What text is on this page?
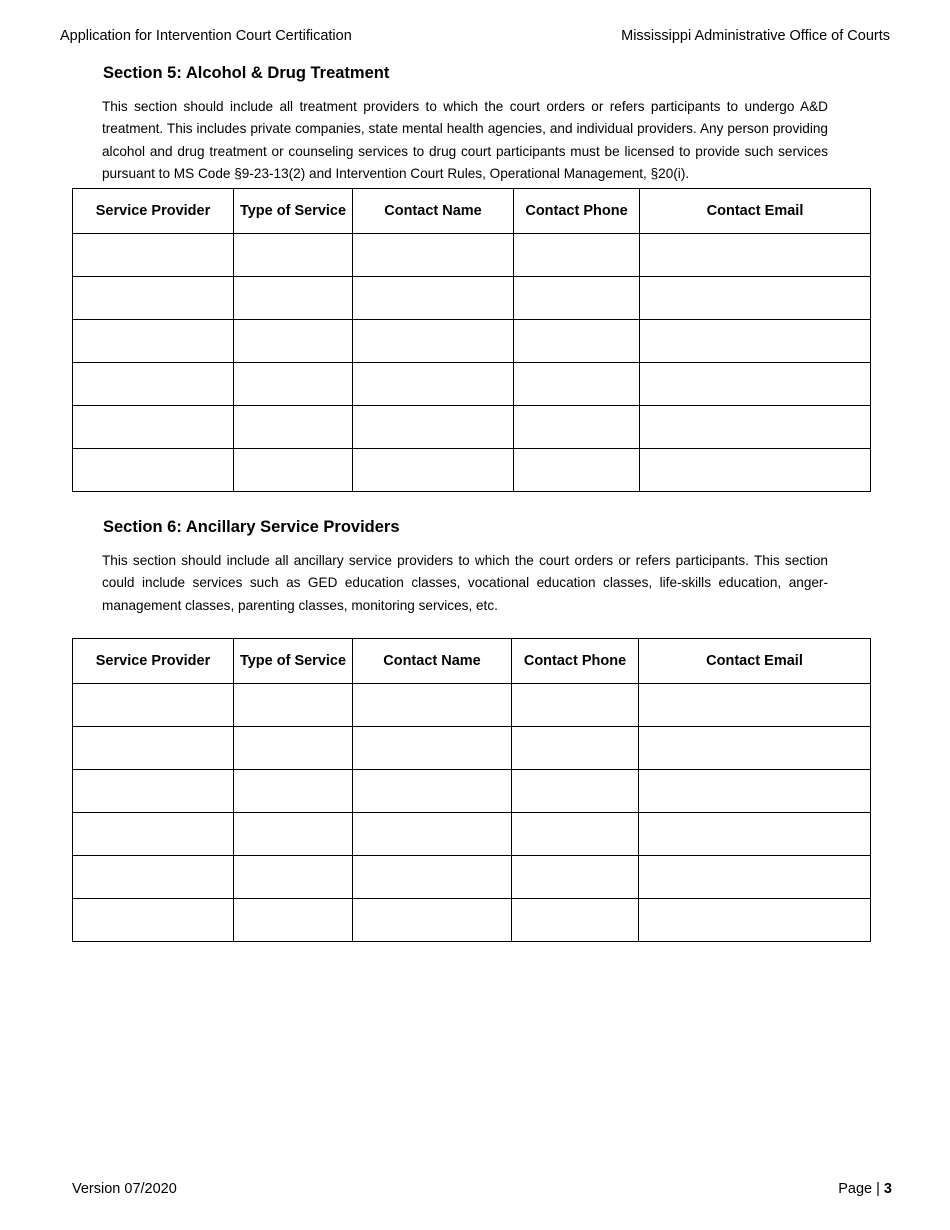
Application for Intervention Court Certification	Mississippi Administrative Office of Courts
Section 5: Alcohol & Drug Treatment

This section should include all treatment providers to which the court orders or refers participants to undergo A&D treatment. This includes private companies, state mental health agencies, and individual providers. Any person providing alcohol and drug treatment or counseling services to drug court participants must be licensed to provide such services pursuant to MS Code §9-23-13(2) and Intervention Court Rules, Operational Management, §20(i).

Service Provider	Type of Service	Contact Name	Contact Phone	Contact Email

Section 6: Ancillary Service Providers

This section should include all ancillary service providers to which the court orders or refers participants. This section could include services such as GED education classes, vocational education classes, life-skills education, anger-management classes, parenting classes, monitoring services, etc.

Service Provider	Type of Service	Contact Name	Contact Phone	Contact Email

Version 07/2020	Page | 3
